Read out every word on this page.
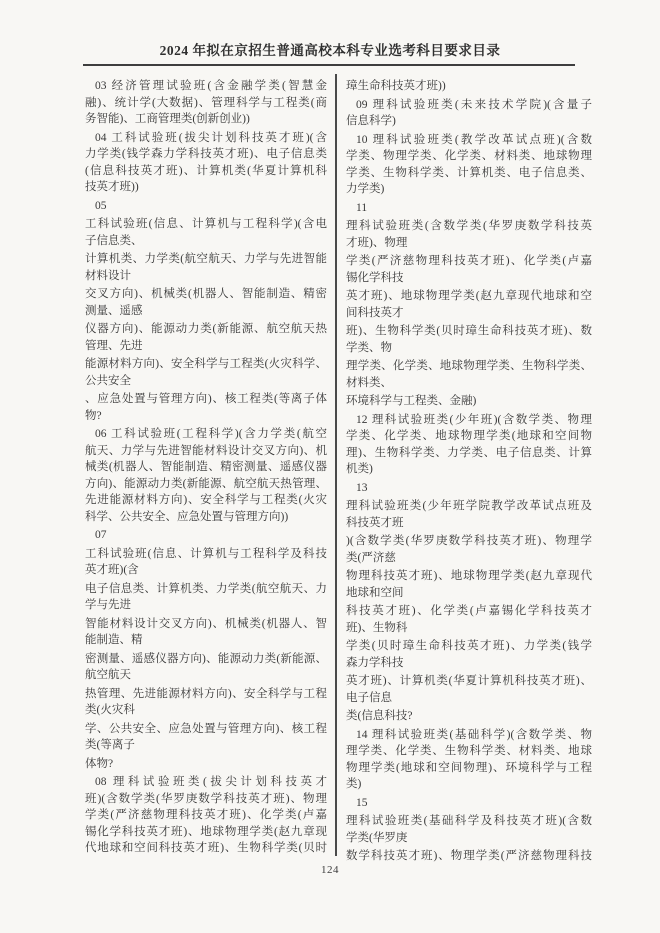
2024 年拟在京招生普通高校本科专业选考科目要求目录
03 经济管理试验班(含金融学类(智慧金
融)、统计学(大数据)、管理科学与工程类(商
务智能)、工商管理类(创新创业))
04 工科试验班(拔尖计划科技英才班)(含
力学类(钱学森力学科技英才班)、电子信息类
(信息科技英才班)、计算机类(华夏计算机科
技英才班))
05
工科试验班(信息、计算机与工程科学)(含电
子信息类、
计算机类、力学类(航空航天、力学与先进智能
材料设计
交叉方向)、机械类(机器人、智能制造、精密
测量、遥感
仪器方向)、能源动力类(新能源、航空航天热
管理、先进
能源材料方向)、安全科学与工程类(火灾科学、
公共安全
、应急处置与管理方向)、核工程类(等离子体
物?
06 工科试验班(工程科学)(含力学类(航空
航天、力学与先进智能材料设计交叉方向)、机
械类(机器人、智能制造、精密测量、遥感仪器
方向)、能源动力类(新能源、航空航天热管理、
先进能源材料方向)、安全科学与工程类(火灾
科学、公共安全、应急处置与管理方向))
07
工科试验班(信息、计算机与工程科学及科技
英才班)(含
电子信息类、计算机类、力学类(航空航天、力
学与先进
智能材料设计交叉方向)、机械类(机器人、智
能制造、精
密测量、遥感仪器方向)、能源动力类(新能源、
航空航天
热管理、先进能源材料方向)、安全科学与工程
类(火灾科
学、公共安全、应急处置与管理方向)、核工程
类(等离子
体物?
08 理科试验班类(拔尖计划科技英才
班)(含数学类(华罗庚数学科技英才班)、物理
学类(严济慈物理科技英才班)、化学类(卢嘉
锡化学科技英才班)、地球物理学类(赵九章现
代地球和空间科技英才班)、生物科学类(贝时
璋生命科技英才班))
09 理科试验班类(未来技术学院)(含量子
信息科学)
10 理科试验班类(教学改革试点班)(含数
学类、物理学类、化学类、材料类、地球物理
学类、生物科学类、计算机类、电子信息类、
力学类)
11
理科试验班类(含数学类(华罗庚数学科技英
才班)、物理
学类(严济慈物理科技英才班)、化学类(卢嘉
锡化学科技
英才班)、地球物理学类(赵九章现代地球和空
间科技英才
班)、生物科学类(贝时璋生命科技英才班)、数
学类、物
理学类、化学类、地球物理学类、生物科学类、
材料类、
环境科学与工程类、金融)
12 理科试验班类(少年班)(含数学类、物理
学类、化学类、地球物理学类(地球和空间物
理)、生物科学类、力学类、电子信息类、计算
机类)
13
理科试验班类(少年班学院教学改革试点班及
科技英才班
)(含数学类(华罗庚数学科技英才班)、物理学
类(严济慈
物理科技英才班)、地球物理学类(赵九章现代
地球和空间
科技英才班)、化学类(卢嘉锡化学科技英才
班)、生物科
学类(贝时璋生命科技英才班)、力学类(钱学
森力学科技
英才班)、计算机类(华夏计算机科技英才班)、
电子信息
类(信息科技?
14 理科试验班类(基础科学)(含数学类、物
理学类、化学类、生物科学类、材料类、地球
物理学类(地球和空间物理)、环境科学与工程
类)
15
理科试验班类(基础科学及科技英才班)(含数
学类(华罗庚
数学科技英才班)、物理学类(严济慈物理科技
124
